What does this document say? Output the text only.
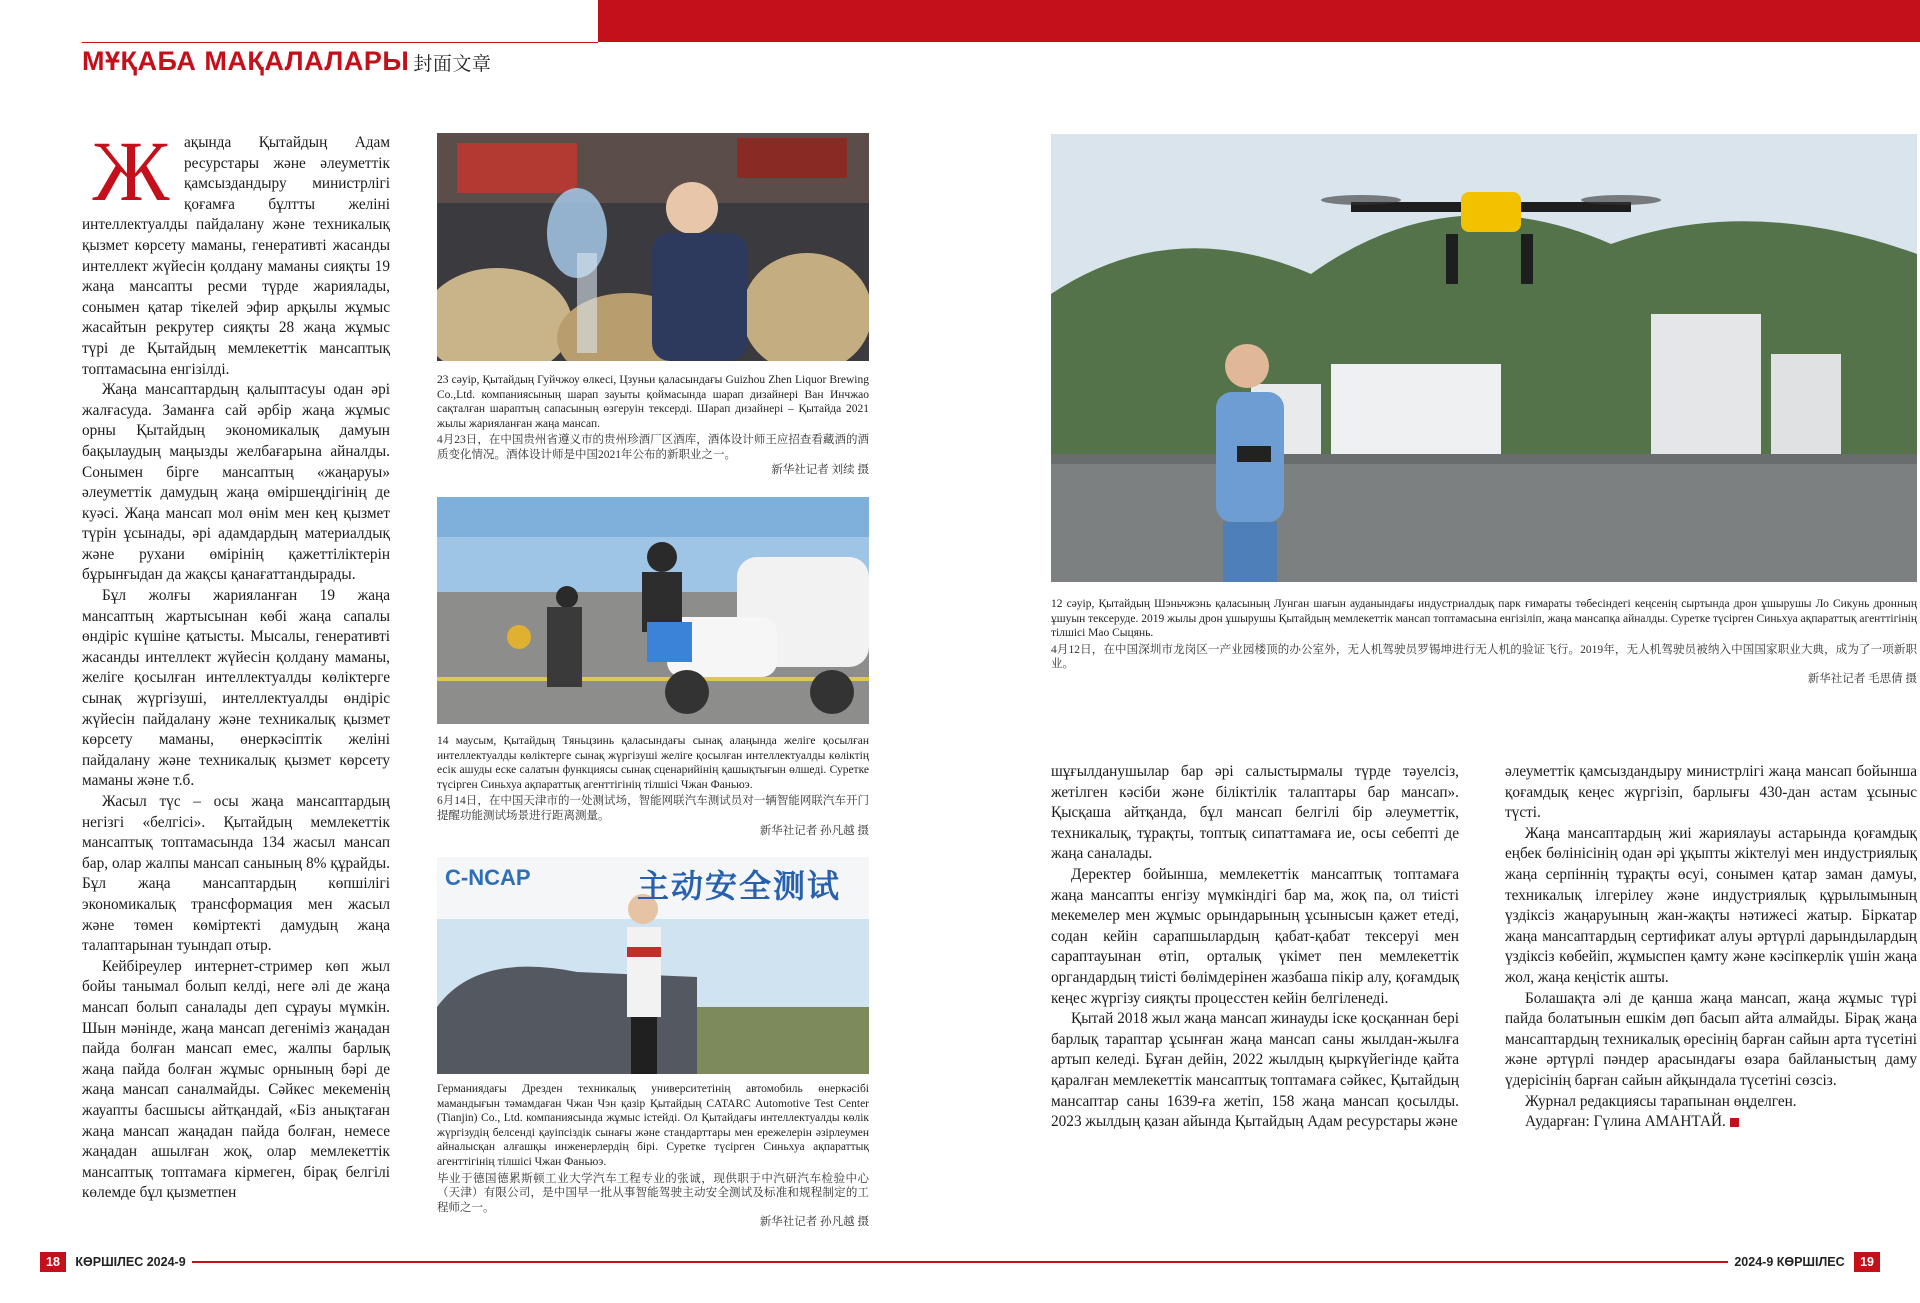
МҰҚАБА МАҚАЛАЛАРЫ 封面文章
Ж ақында Қытайдың Адам ресурстары және әлеуметтік қамсыздандыру министрлігі қоғамға бұлтты желіні интеллектуалды пайдалану және техникалық қызмет көрсету маманы, генеративті жасанды интеллект жүйесін қолдану маманы сияқты 19 жаңа мансапты ресми түрде жариялады, сонымен қатар тікелей эфир арқылы жұмыс жасайтын рекрутер сияқты 28 жаңа жұмыс түрі де Қытайдың мемлекеттік мансаптық топтамасына енгізілді.

Жаңа мансаптардың қалыптасуы одан әрі жалғасуда. Заманға сай әрбір жаңа жұмыс орны Қытайдың экономикалық дамуын бақылаудың маңызды желбағарына айналды. Сонымен бірге мансаптың «жаңаруы» әлеуметтік дамудың жаңа өміршеңдігінің де куәсі. Жаңа мансап мол өнім мен кең қызмет түрін ұсынады, әрі адамдардың материалдық және рухани өмірінің қажеттіліктерін бұрынғыдан да жақсы қанағаттандырады.

Бұл жолғы жарияланған 19 жаңа мансаптың жартысынан көбі жаңа сапалы өндіріс күшіне қатысты. Мысалы, генеративті жасанды интеллект жүйесін қолдану маманы, желіге қосылған интеллектуалды көліктерге сынақ жүргізуші, интеллектуалды өндіріс жүйесін пайдалану және техникалық қызмет көрсету маманы, өнеркәсіптік желіні пайдалану және техникалық қызмет көрсету маманы және т.б.

Жасыл түс – осы жаңа мансаптардың негізгі «белгісі». Қытайдың мемлекеттік мансаптық топтамасында 134 жасыл мансап бар, олар жалпы мансап санының 8% құрайды. Бұл жаңа мансаптардың көпшілігі экономикалық трансформация мен жасыл және төмен көміртекті дамудың жаңа талаптарынан туындап отыр.

Кейбіреулер интернет-стример көп жыл бойы танымал болып келді, неге әлі де жаңа мансап болып саналады деп сұрауы мүмкін. Шын мәнінде, жаңа мансап дегеніміз жаңадан пайда болған мансап емес, жалпы барлық жаңа пайда болған жұмыс орнының бәрі де жаңа мансап саналмайды. Сәйкес мекеменің жауапты басшысы айтқандай, «Біз анықтаған жаңа мансап жаңадан пайда болған, немесе жаңадан ашылған жоқ, олар мемлекеттік мансаптық топтамаға кірмеген, бірақ белгілі көлемде бұл қызметпен

23 сәуір, Қытайдың Гуйчжоу өлкесі, Цзуньи қаласындағы Guizhou Zhen Liquor Brewing Co.,Ltd. компаниясының шарап зауыты қоймасында шарап дизайнері Ван Инчжао сақталған шараптың сапасының өзгеруін тексерді. Шарап дизайнері – Қытайда 2021 жылы жарияланған жаңа мансап.
4月23日，在中国贵州省遵义市的贵州珍酒厂区酒库，酒体设计师王应招查看藏酒的酒质变化情况。酒体设计师是中国2021年公布的新职业之一。
新华社记者 刘续 摄
14 маусым, Қытайдың Тяньцзинь қаласындағы сынақ алаңында желіге қосылған интеллектуалды көліктерге сынақ жүргізуші желіге қосылған интеллектуалды көліктің есік ашуды еске салатын функциясы сынақ сценарийінің қашықтығын өлшеді. Суретке түсірген Синьхуа ақпараттық агенттігінің тілшісі Чжан Фаньюэ.
6月14日，在中国天津市的一处测试场，智能网联汽车测试员对一辆智能网联汽车开门提醒功能测试场景进行距离测量。
新华社记者 孙凡越 摄
C-NCAP	主动安全测试
Германиядағы Дрезден техникалық университетінің автомобиль өнеркәсібі мамандығын тәмамдаған Чжан Чэн қазір Қытайдың CATARC Automotive Test Center (Tianjin) Co., Ltd. компаниясында жұмыс істейді. Ол Қытайдағы интеллектуалды көлік жүргізудің белсенді қауіпсіздік сынағы және стандарттары мен ережелерін әзірлеумен айналысқан алғашқы инженерлердің бірі. Суретке түсірген Синьхуа ақпараттық агенттігінің тілшісі Чжан Фаньюэ.
毕业于德国德累斯顿工业大学汽车工程专业的张诚，现供职于中汽研汽车检验中心（天津）有限公司，是中国早一批从事智能驾驶主动安全测试及标准和规程制定的工程师之一。
新华社记者 孙凡越 摄
18 КӨРШІЛЕС 2024-9
12 сәуір, Қытайдың Шэньчжэнь қаласының Лунган шағын ауданындағы индустриалдық парк ғимараты төбесіндегі кеңсенің сыртында дрон ұшырушы Ло Сикунь дронның ұшуын тексеруде. 2019 жылы дрон ұшырушы Қытайдың мемлекеттік мансап топтамасына енгізіліп, жаңа мансапқа айналды. Суретке түсірген Синьхуа ақпараттық агенттігінің тілшісі Мао Сыцянь.
4月12日，在中国深圳市龙岗区一产业园楼顶的办公室外，无人机驾驶员罗锡坤进行无人机的验证飞行。2019年，无人机驾驶员被纳入中国国家职业大典，成为了一项新职业。
新华社记者 毛思倩 摄

шұғылданушылар бар әрі салыстырмалы түрде тәуелсіз, жетілген кәсіби және біліктілік талаптары бар мансап». Қысқаша айтқанда, бұл мансап белгілі бір әлеуметтік, техникалық, тұрақты, топтық сипаттамаға ие, осы себепті де жаңа саналады.

Деректер бойынша, мемлекеттік мансаптық топтамаға жаңа мансапты енгізу мүмкіндігі бар ма, жоқ па, ол тиісті мекемелер мен жұмыс орындарының ұсынысын қажет етеді, содан кейін сарапшылардың қабат-қабат тексеруі мен сараптауынан өтіп, орталық үкімет пен мемлекеттік органдардың тиісті бөлімдерінен жазбаша пікір алу, қоғамдық кеңес жүргізу сияқты процесстен кейін белгіленеді.

Қытай 2018 жыл жаңа мансап жинауды іске қосқаннан бері барлық тараптар ұсынған жаңа мансап саны жылдан-жылға артып келеді. Бұған дейін, 2022 жылдың қыркүйегінде қайта қаралған мемлекеттік мансаптық топтамаға сәйкес, Қытайдың мансаптар саны 1639-ға жетіп, 158 жаңа мансап қосылды. 2023 жылдың қазан айында Қытайдың Адам ресурстары және

әлеуметтік қамсыздандыру министрлігі жаңа мансап бойынша қоғамдық кеңес жүргізіп, барлығы 430-дан астам ұсыныс түсті.

Жаңа мансаптардың жиі жариялауы астарында қоғамдық еңбек бөлінісінің одан әрі ұқыпты жіктелуі мен индустриялық жаңа серпіннің тұрақты өсуі, сонымен қатар заман дамуы, техникалық ілгерілеу және индустриялық құрылымының үздіксіз жаңаруының жан-жақты нәтижесі жатыр. Біркатар жаңа мансаптардың сертификат алуы әртүрлі дарындылардың үздіксіз көбейіп, жұмыспен қамту және кәсіпкерлік үшін жаңа жол, жаңа кеңістік ашты.

Болашақта әлі де қанша жаңа мансап, жаңа жұмыс түрі пайда болатынын ешкім дөп басып айта алмайды. Бірақ жаңа мансаптардың техникалық өресінің барған сайын арта түсетіні және әртүрлі пәндер арасындағы өзара байланыстың даму үдерісінің барған сайын айқындала түсетіні сөзсіз.

Журнал редакциясы тарапынан өңделген.
Аударған: Гүлина АМАНТАЙ.
2024-9 КӨРШІЛЕС 19
